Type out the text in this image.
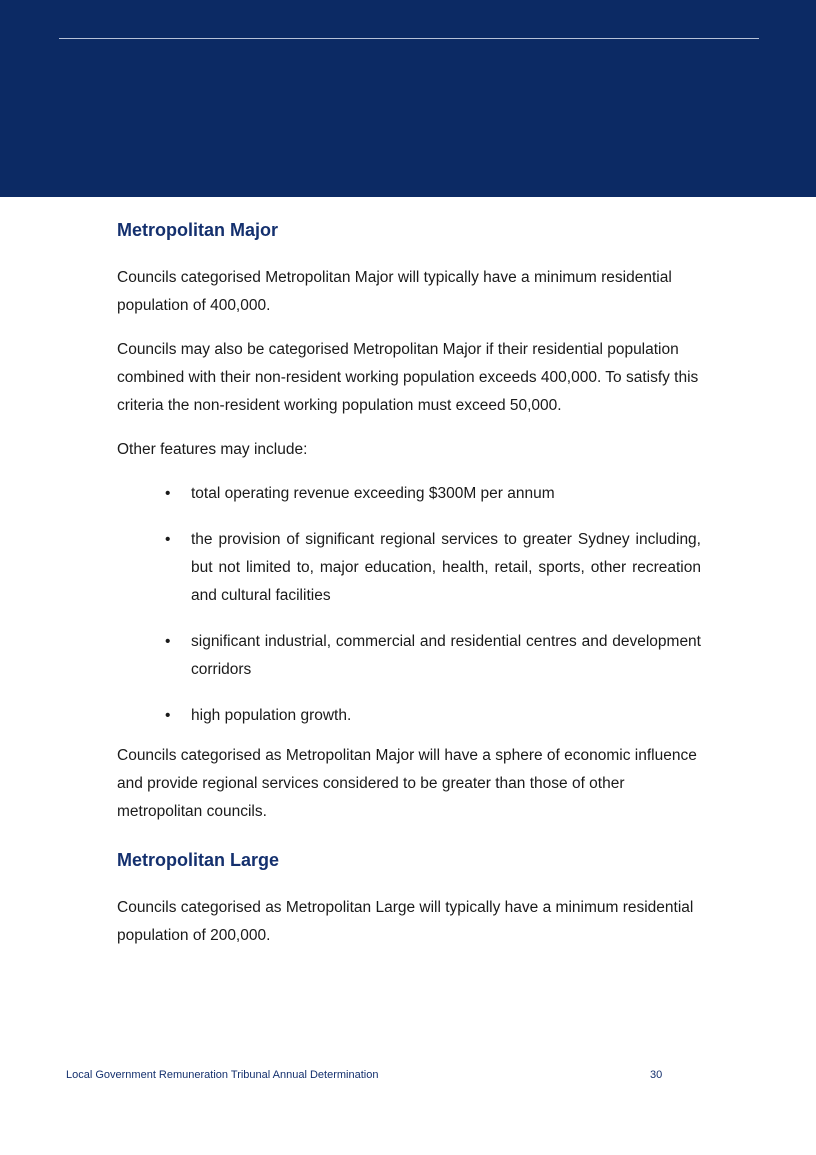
Metropolitan Major

Councils categorised Metropolitan Major will typically have a minimum residential population of 400,000.

Councils may also be categorised Metropolitan Major if their residential population combined with their non-resident working population exceeds 400,000. To satisfy this criteria the non-resident working population must exceed 50,000.

Other features may include:

• total operating revenue exceeding $300M per annum
• the provision of significant regional services to greater Sydney including, but not limited to, major education, health, retail, sports, other recreation and cultural facilities
• significant industrial, commercial and residential centres and development corridors
• high population growth.

Councils categorised as Metropolitan Major will have a sphere of economic influence and provide regional services considered to be greater than those of other metropolitan councils.

Metropolitan Large

Councils categorised as Metropolitan Large will typically have a minimum residential population of 200,000.

Local Government Remuneration Tribunal Annual Determination	30
